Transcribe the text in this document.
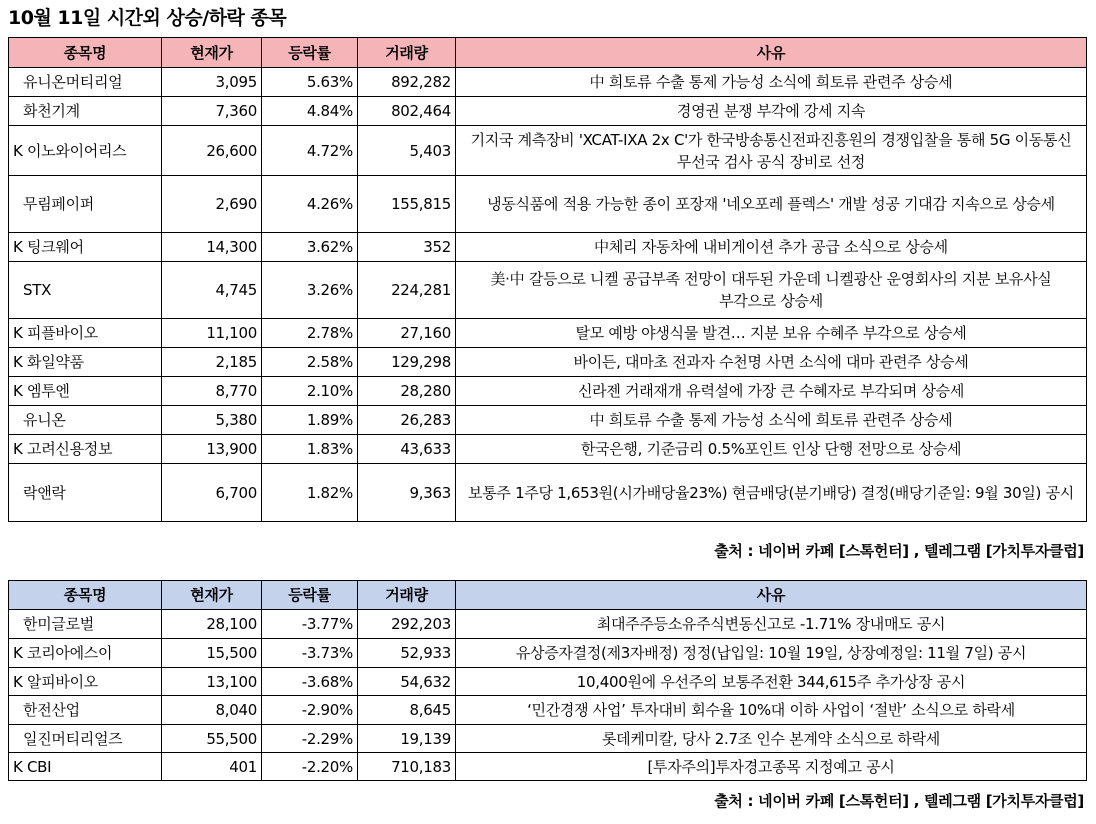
10월 11일 시간외 상승/하락 종목
종목명	현재가	등락률	거래량	사유
유니온머티리얼	3,095	5.63%	892,282	中 희토류 수출 통제 가능성 소식에 희토류 관련주 상승세
화천기계	7,360	4.84%	802,464	경영권 분쟁 부각에 강세 지속
K 이노와이어리스	26,600	4.72%	5,403	기지국 계측장비 'XCAT-IXA 2x C'가 한국방송통신전파진흥원의 경쟁입찰을 통해 5G 이동통신 무선국 검사 공식 장비로 선정
무림페이퍼	2,690	4.26%	155,815	냉동식품에 적용 가능한 종이 포장재 '네오포레 플렉스' 개발 성공 기대감 지속으로 상승세
K 팅크웨어	14,300	3.62%	352	中체리 자동차에 내비게이션 추가 공급 소식으로 상승세
STX	4,745	3.26%	224,281	美·中 갈등으로 니켈 공급부족 전망이 대두된 가운데 니켈광산 운영회사의 지분 보유사실 부각으로 상승세
K 피플바이오	11,100	2.78%	27,160	탈모 예방 야생식물 발견… 지분 보유 수혜주 부각으로 상승세
K 화일약품	2,185	2.58%	129,298	바이든, 대마초 전과자 수천명 사면 소식에 대마 관련주 상승세
K 엠투엔	8,770	2.10%	28,280	신라젠 거래재개 유력설에 가장 큰 수혜자로 부각되며 상승세
유니온	5,380	1.89%	26,283	中 희토류 수출 통제 가능성 소식에 희토류 관련주 상승세
K 고려신용정보	13,900	1.83%	43,633	한국은행, 기준금리 0.5%포인트 인상 단행 전망으로 상승세
락앤락	6,700	1.82%	9,363	보통주 1주당 1,653원(시가배당율23%) 현금배당(분기배당) 결정(배당기준일: 9월 30일) 공시
출처 : 네이버 카페 [스톡헌터] , 텔레그램 [가치투자클럽]
종목명	현재가	등락률	거래량	사유
한미글로벌	28,100	-3.77%	292,203	최대주주등소유주식변동신고로 -1.71% 장내매도 공시
K 코리아에스이	15,500	-3.73%	52,933	유상증자결정(제3자배정) 정정(납입일: 10월 19일, 상장예정일: 11월 7일) 공시
K 알피바이오	13,100	-3.68%	54,632	10,400원에 우선주의 보통주전환 344,615주 추가상장 공시
한전산업	8,040	-2.90%	8,645	‘민간경쟁 사업’ 투자대비 회수율 10%대 이하 사업이 ‘절반’ 소식으로 하락세
일진머티리얼즈	55,500	-2.29%	19,139	롯데케미칼, 당사 2.7조 인수 본계약 소식으로 하락세
K CBI	401	-2.20%	710,183	[투자주의]투자경고종목 지정예고 공시
출처 : 네이버 카페 [스톡헌터] , 텔레그램 [가치투자클럽]
